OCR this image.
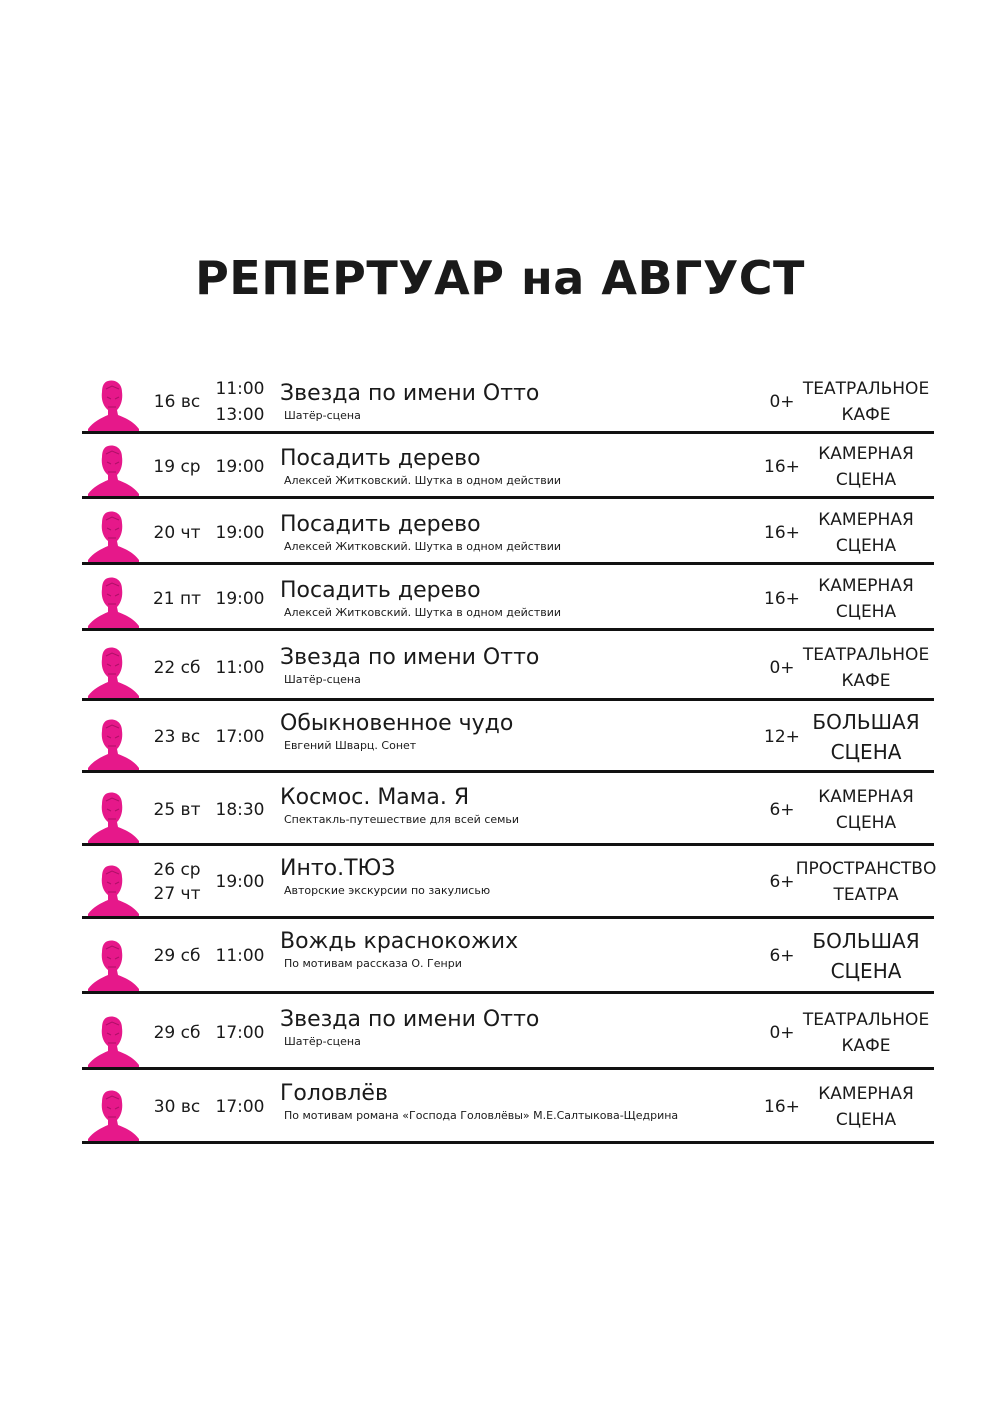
РЕПЕРТУАР на АВГУСТ
16 вс
11:00
13:00
Звезда по имени Отто
Шатёр-сцена
0+
ТЕАТРАЛЬНОЕ
КАФЕ
19 ср 19:00 Посадить дерево
Алексей Житковский. Шутка в одном действии
16+
КАМЕРНАЯ
СЦЕНА
20 чт 19:00 Посадить дерево
Алексей Житковский. Шутка в одном действии
16+
КАМЕРНАЯ
СЦЕНА
21 пт 19:00 Посадить дерево
Алексей Житковский. Шутка в одном действии
16+
КАМЕРНАЯ
СЦЕНА
22 сб 11:00 Звезда по имени Отто
Шатёр-сцена
0+
ТЕАТРАЛЬНОЕ
КАФЕ
23 вс 17:00
Обыкновенное чудо
Евгений Шварц. Сонет	12+
БОЛЬШАЯ
СЦЕНА
25 вт 18:30 Космос. Мама. Я
Спектакль-путешествие для всей семьи	6+
КАМЕРНАЯ
СЦЕНА
26 ср
27 чт
19:00
Инто.ТЮЗ
Авторские экскурсии по закулисью	6+
ПРОСТРАНСТВО
ТЕАТРА
29 сб 11:00
Вождь краснокожих
По мотивам рассказа О. Генри	6+
БОЛЬШАЯ
СЦЕНА
29 сб 17:00
Звезда по имени Отто
Шатёр-сцена	0+
ТЕАТРАЛЬНОЕ
КАФЕ
30 вс 17:00
Головлёв
По мотивам романа «Господа Головлёвы» М.Е.Салтыкова-Щедрина	16+
КАМЕРНАЯ
СЦЕНА
